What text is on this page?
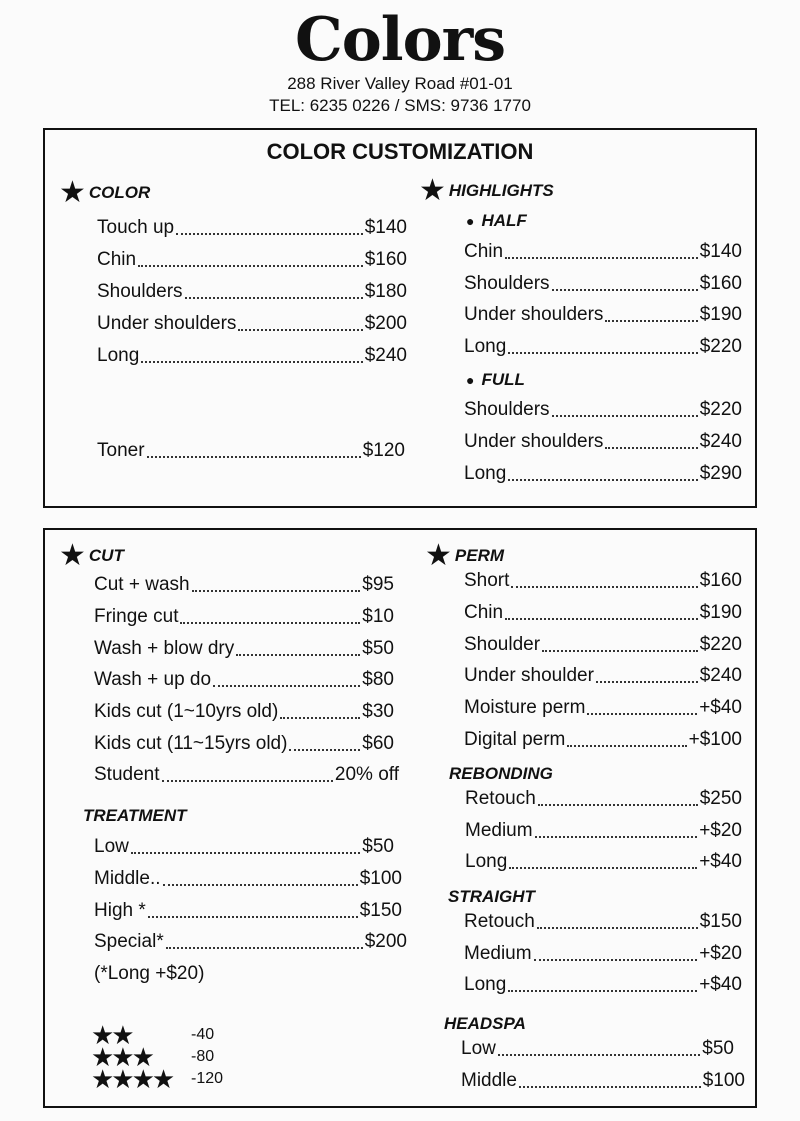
Colors
288 River Valley Road #01-01
TEL: 6235 0226 / SMS: 9736 1770
COLOR CUSTOMIZATION
★ COLOR
Touch up	$140
Chin	$160
Shoulders	$180
Under shoulders	$200
Long	$240
Toner	$120
★ HIGHLIGHTS
● HALF
Chin	$140
Shoulders	$160
Under shoulders	$190
Long	$220
● FULL
Shoulders	$220
Under shoulders	$240
Long	$290
★ CUT
Cut + wash	$95
Fringe cut	$10
Wash + blow dry	$50
Wash + up do	$80
Kids cut (1~10yrs old)	$30
Kids cut (11~15yrs old)	$60
Student	20% off
TREATMENT
Low	$50
Middle..	$100
High *	$150
Special*	$200
(*Long +$20)
★★	-40
★★★ -80
★★★★ -120
★ PERM
Short	$160
Chin	$190
Shoulder	$220
Under shoulder	$240
Moisture perm	+$40
Digital perm	+$100
REBONDING
Retouch	$250
Medium	+$20
Long	+$40
STRAIGHT
Retouch	$150
Medium	+$20
Long	+$40
HEADSPA
Low	$50
Middle	$100
